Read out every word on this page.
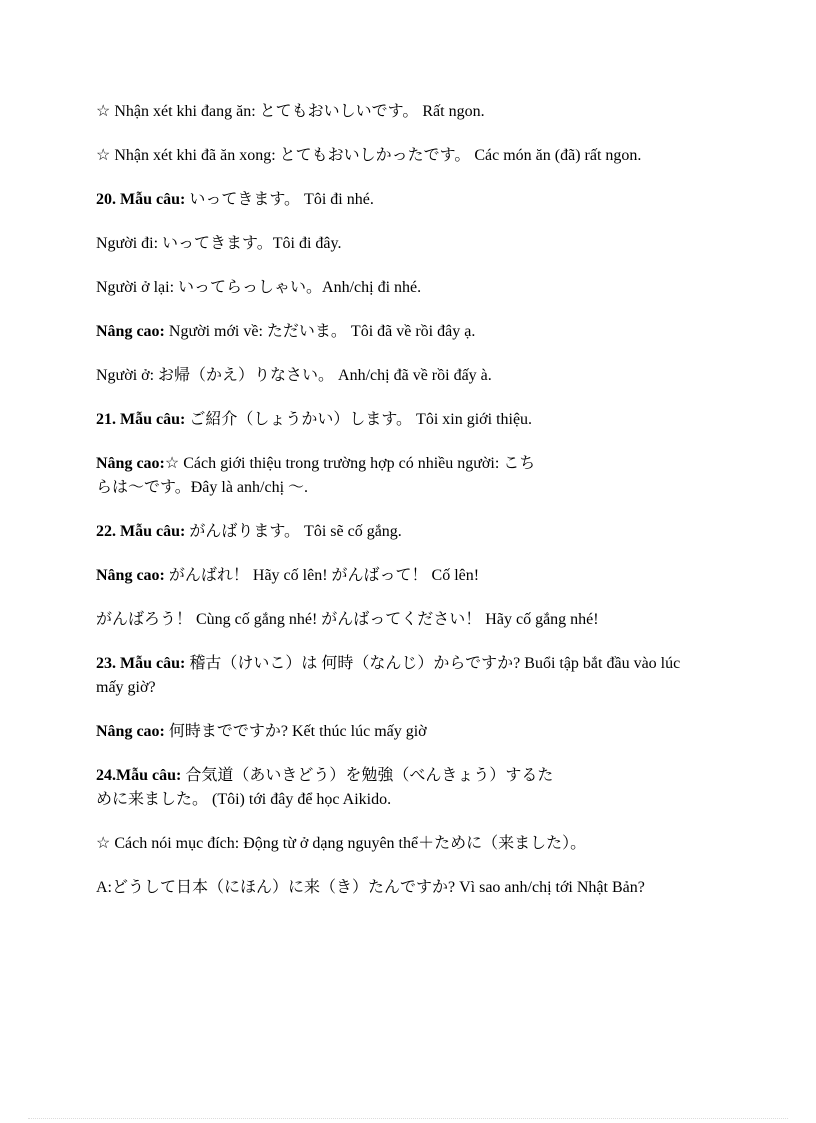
☆ Nhận xét khi đang ăn: とてもおいしいです。 Rất ngon.

☆ Nhận xét khi đã ăn xong: とてもおいしかったです。 Các món ăn (đã) rất ngon.

20. Mẫu câu: いってきます。 Tôi đi nhé.

Người đi: いってきます。Tôi đi đây.

Người ở lại: いってらっしゃい。Anh/chị đi nhé.

Nâng cao: Người mới về: ただいま。 Tôi đã về rồi đây ạ.

Người ở: お帰（かえ）りなさい。 Anh/chị đã về rồi đấy à.

21. Mẫu câu: ご紹介（しょうかい）します。 Tôi xin giới thiệu.

Nâng cao:☆ Cách giới thiệu trong trường hợp có nhiều người: こちらは～です。Đây là anh/chị ～.

22. Mẫu câu: がんばります。 Tôi sẽ cố gắng.

Nâng cao: がんばれ！ Hãy cố lên! がんばって！ Cố lên!

がんばろう！ Cùng cố gắng nhé! がんばってください！ Hãy cố gắng nhé!

23. Mẫu câu: 稽古（けいこ）は 何時（なんじ）からですか? Buổi tập bắt đầu vào lúc mấy giờ?

Nâng cao: 何時までですか? Kết thúc lúc mấy giờ

24.Mẫu câu: 合気道（あいきどう）を勉強（べんきょう）するために来ました。 (Tôi) tới đây để học Aikido.

☆ Cách nói mục đích: Động từ ở dạng nguyên thể＋ために（来ました）。

A:どうして日本（にほん）に来（き）たんですか? Vì sao anh/chị tới Nhật Bản?
